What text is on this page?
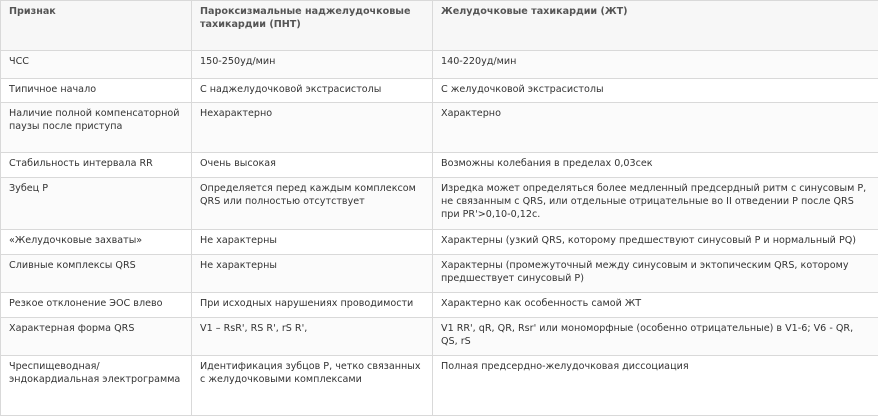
Признак	Пароксизмальные наджелудочковые тахикардии (ПНТ)	Желудочковые тахикардии (ЖТ)
ЧСС	150-250уд/мин	140-220уд/мин
Типичное начало	С наджелудочковой экстрасистолы	С желудочковой экстрасистолы
Наличие полной компенсаторной паузы после приступа	Нехарактерно	Характерно
Стабильность интервала RR	Очень высокая	Возможны колебания в пределах 0,03сек
Зубец Р	Определяется перед каждым комплексом QRS или полностью отсутствует	Изредка может определяться более медленный предсердный ритм с синусовым Р, не связанным с QRS, или отдельные отрицательные во II отведении Р после QRS при PR'>0,10-0,12с.
«Желудочковые захваты»	Не характерны	Характерны (узкий QRS, которому предшествуют синусовый Р и нормальный PQ)
Сливные комплексы QRS	Не характерны	Характерны (промежуточный между синусовым и эктопическим QRS, которому предшествует синусовый Р)
Резкое отклонение ЭОС влево	При исходных нарушениях проводимости	Характерно как особенность самой ЖТ
Характерная форма QRS	V1 – RsR', RS R', rS R',	V1 RR', qR, QR, Rsr' или мономорфные (особенно отрицательные) в V1-6; V6 - QR, QS, rS
Чреспищеводная/ эндокардиальная электрограмма	Идентификация зубцов Р, четко связанных с желудочковыми комплексами	Полная предсердно-желудочковая диссоциация
